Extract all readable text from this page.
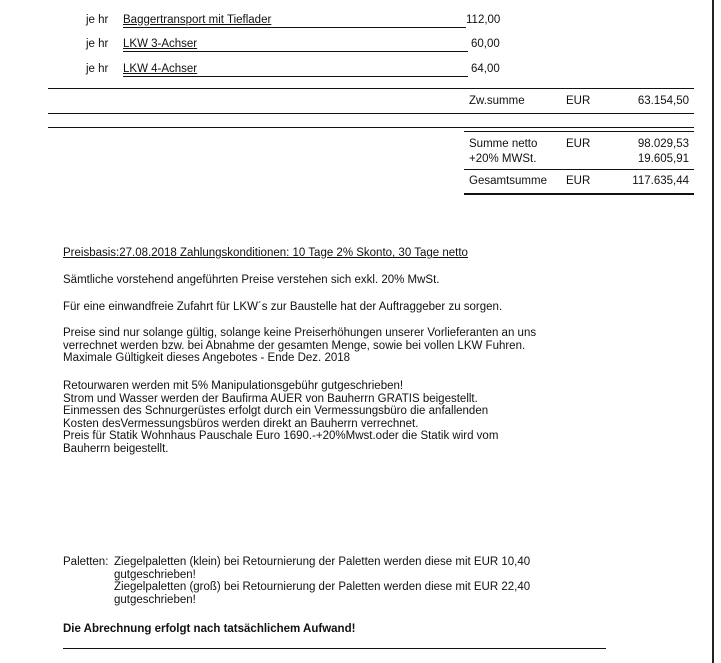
je hr Baggertransport mit Tieflader	112,00
je hr LKW 3-Achser	60,00
je hr LKW 4-Achser	64,00
Zw.summe	EUR	63.154,50
Summe netto EUR	98.029,53
+20% MWSt.	19.605,91
Gesamtsumme EUR	117.635,44
Preisbasis:27.08.2018 Zahlungskonditionen: 10 Tage 2% Skonto, 30 Tage netto
Sämtliche vorstehend angeführten Preise verstehen sich exkl. 20% MwSt.
Für eine einwandfreie Zufahrt für LKW´s zur Baustelle hat der Auftraggeber zu sorgen.
Preise sind nur solange gültig, solange keine Preiserhöhungen unserer Vorlieferanten an uns
verrechnet werden bzw. bei Abnahme der gesamten Menge, sowie bei vollen LKW Fuhren.
Maximale Gültigkeit dieses Angebotes - Ende Dez. 2018
Retourwaren werden mit 5% Manipulationsgebühr gutgeschrieben!
Strom und Wasser werden der Baufirma AUER von Bauherrn GRATIS beigestellt.
Einmessen des Schnurgerüstes erfolgt durch ein Vermessungsbüro die anfallenden
Kosten desVermessungsbüros werden direkt an Bauherrn verrechnet.
Preis für Statik Wohnhaus Pauschale Euro 1690.-+20%Mwst.oder die Statik wird vom
Bauherrn beigestellt.
Paletten: Ziegelpaletten (klein) bei Retournierung der Paletten werden diese mit EUR 10,40
gutgeschrieben!
Ziegelpaletten (groß) bei Retournierung der Paletten werden diese mit EUR 22,40
gutgeschrieben!
Die Abrechnung erfolgt nach tatsächlichem Aufwand!
